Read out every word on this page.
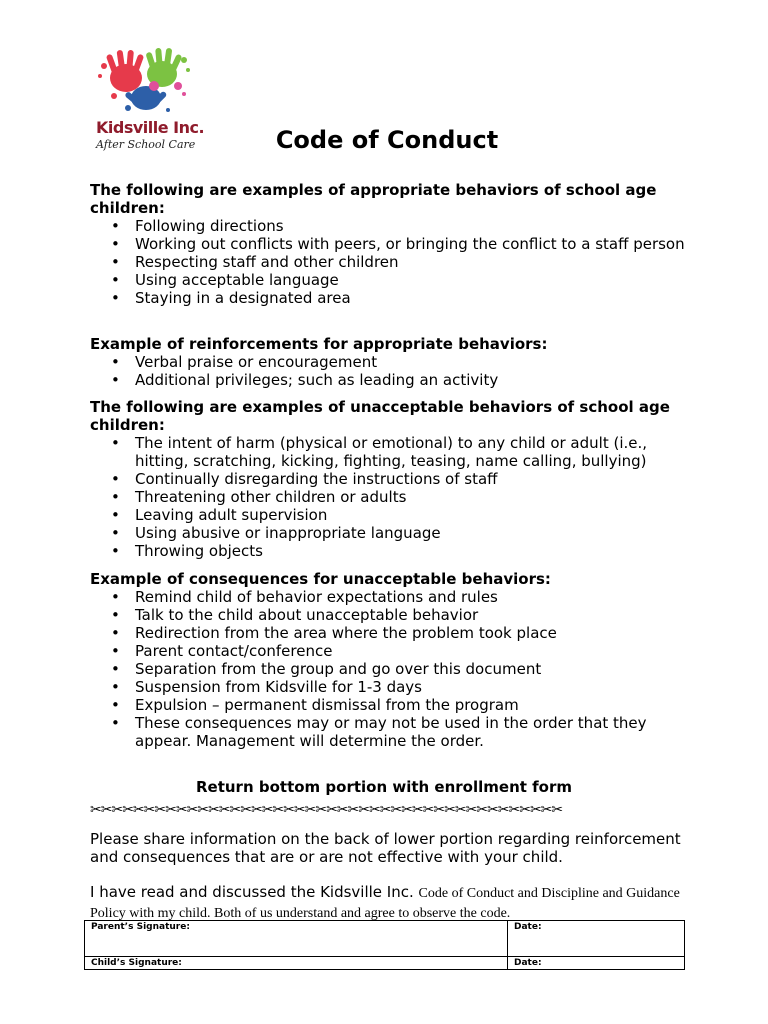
Kidsville Inc.
After School Care	Code of Conduct
The following are examples of appropriate behaviors of school age children:
• Following directions
• Working out conflicts with peers, or bringing the conflict to a staff person
• Respecting staff and other children
• Using acceptable language
• Staying in a designated area
Example of reinforcements for appropriate behaviors:
• Verbal praise or encouragement
• Additional privileges; such as leading an activity
The following are examples of unacceptable behaviors of school age children:
• The intent of harm (physical or emotional) to any child or adult (i.e., hitting, scratching, kicking, fighting, teasing, name calling, bullying)
• Continually disregarding the instructions of staff
• Threatening other children or adults
• Leaving adult supervision
• Using abusive or inappropriate language
• Throwing objects
Example of consequences for unacceptable behaviors:
• Remind child of behavior expectations and rules
• Talk to the child about unacceptable behavior
• Redirection from the area where the problem took place
• Parent contact/conference
• Separation from the group and go over this document
• Suspension from Kidsville for 1-3 days
• Expulsion – permanent dismissal from the program
• These consequences may or may not be used in the order that they appear. Management will determine the order.
Return bottom portion with enrollment form
✂✂✂✂✂✂✂✂✂✂✂✂✂✂✂✂✂✂✂✂✂✂✂✂✂✂✂✂✂✂✂✂✂✂✂✂✂✂✂✂✂✂✂✂
Please share information on the back of lower portion regarding reinforcement and consequences that are or are not effective with your child.
I have read and discussed the Kidsville Inc. Code of Conduct and Discipline and Guidance Policy with my child. Both of us understand and agree to observe the code.
Parent’s Signature:	Date:
Child’s Signature:	Date:
